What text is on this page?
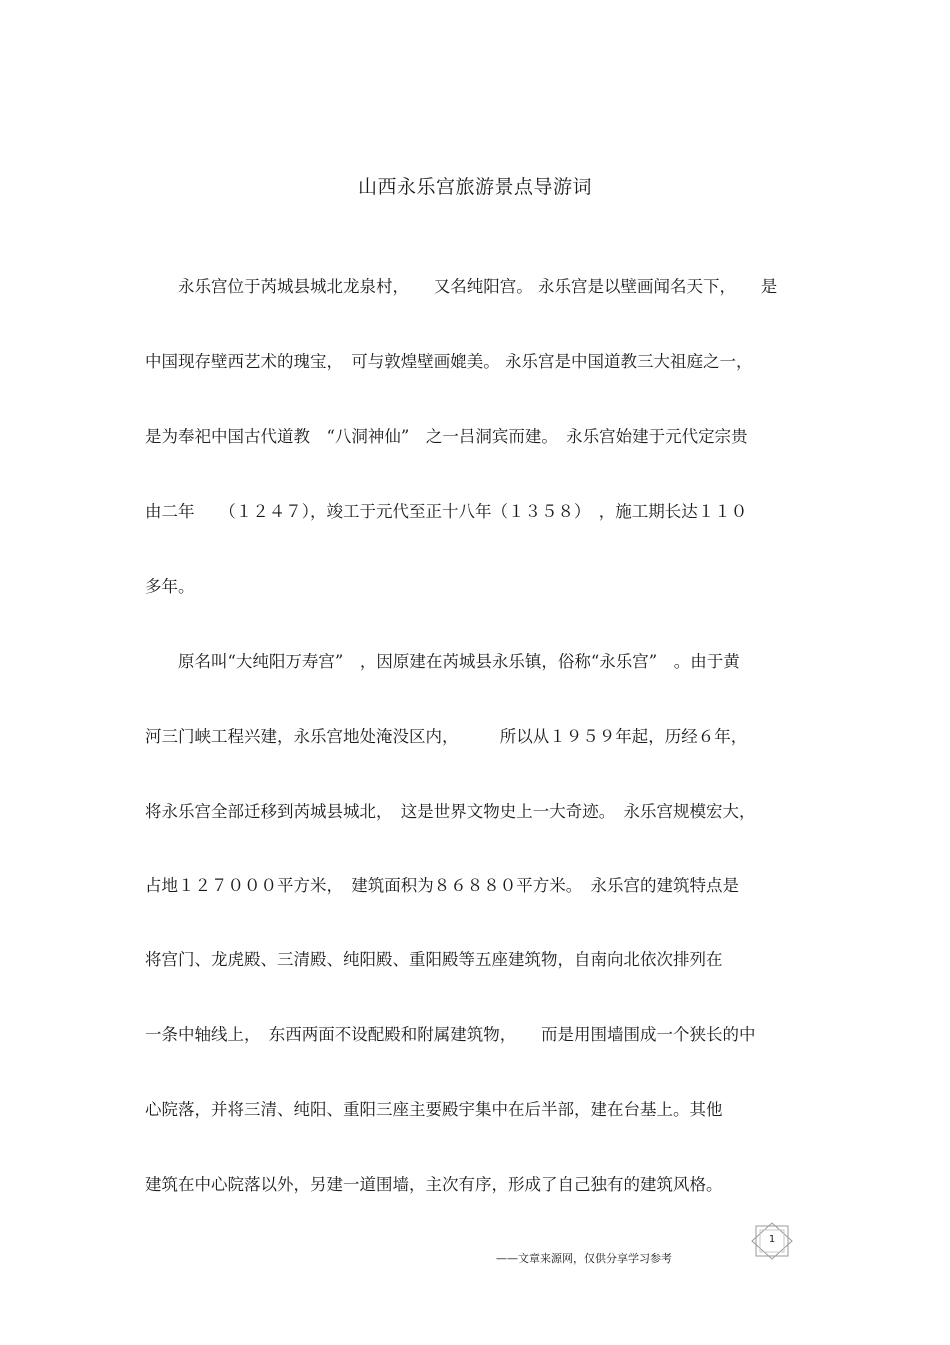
山西永乐宫旅游景点导游词
　　永乐宫位于芮城县城北龙泉村，　　又名纯阳宫。 永乐宫是以壁画闻名天下，　　是
中国现存壁西艺术的瑰宝，　可与敦煌壁画媲美。 永乐宫是中国道教三大祖庭之一，
是为奉祀中国古代道教　“八洞神仙”　之一吕洞宾而建。　永乐宫始建于元代定宗贵
由二年　　（１２４７），竣工于元代至正十八年（１３５８）　，施工期长达１１０
多年。
　　原名叫“大纯阳万寿宫”　，因原建在芮城县永乐镇，俗称“永乐宫”　。由于黄
河三门峡工程兴建，永乐宫地处淹没区内，　　　所以从１９５９年起，历经６年，
将永乐宫全部迁移到芮城县城北，　这是世界文物史上一大奇迹。　永乐宫规模宏大，
占地１２７０００平方米，　建筑面积为８６８８０平方米。　永乐宫的建筑特点是
将宫门、龙虎殿、三清殿、纯阳殿、重阳殿等五座建筑物，自南向北依次排列在
一条中轴线上，　东西两面不设配殿和附属建筑物，　　而是用围墙围成一个狭长的中
心院落，并将三清、纯阳、重阳三座主要殿宇集中在后半部，建在台基上。其他
建筑在中心院落以外，另建一道围墙，主次有序，形成了自己独有的建筑风格。
1
——文章来源网，仅供分享学习参考
